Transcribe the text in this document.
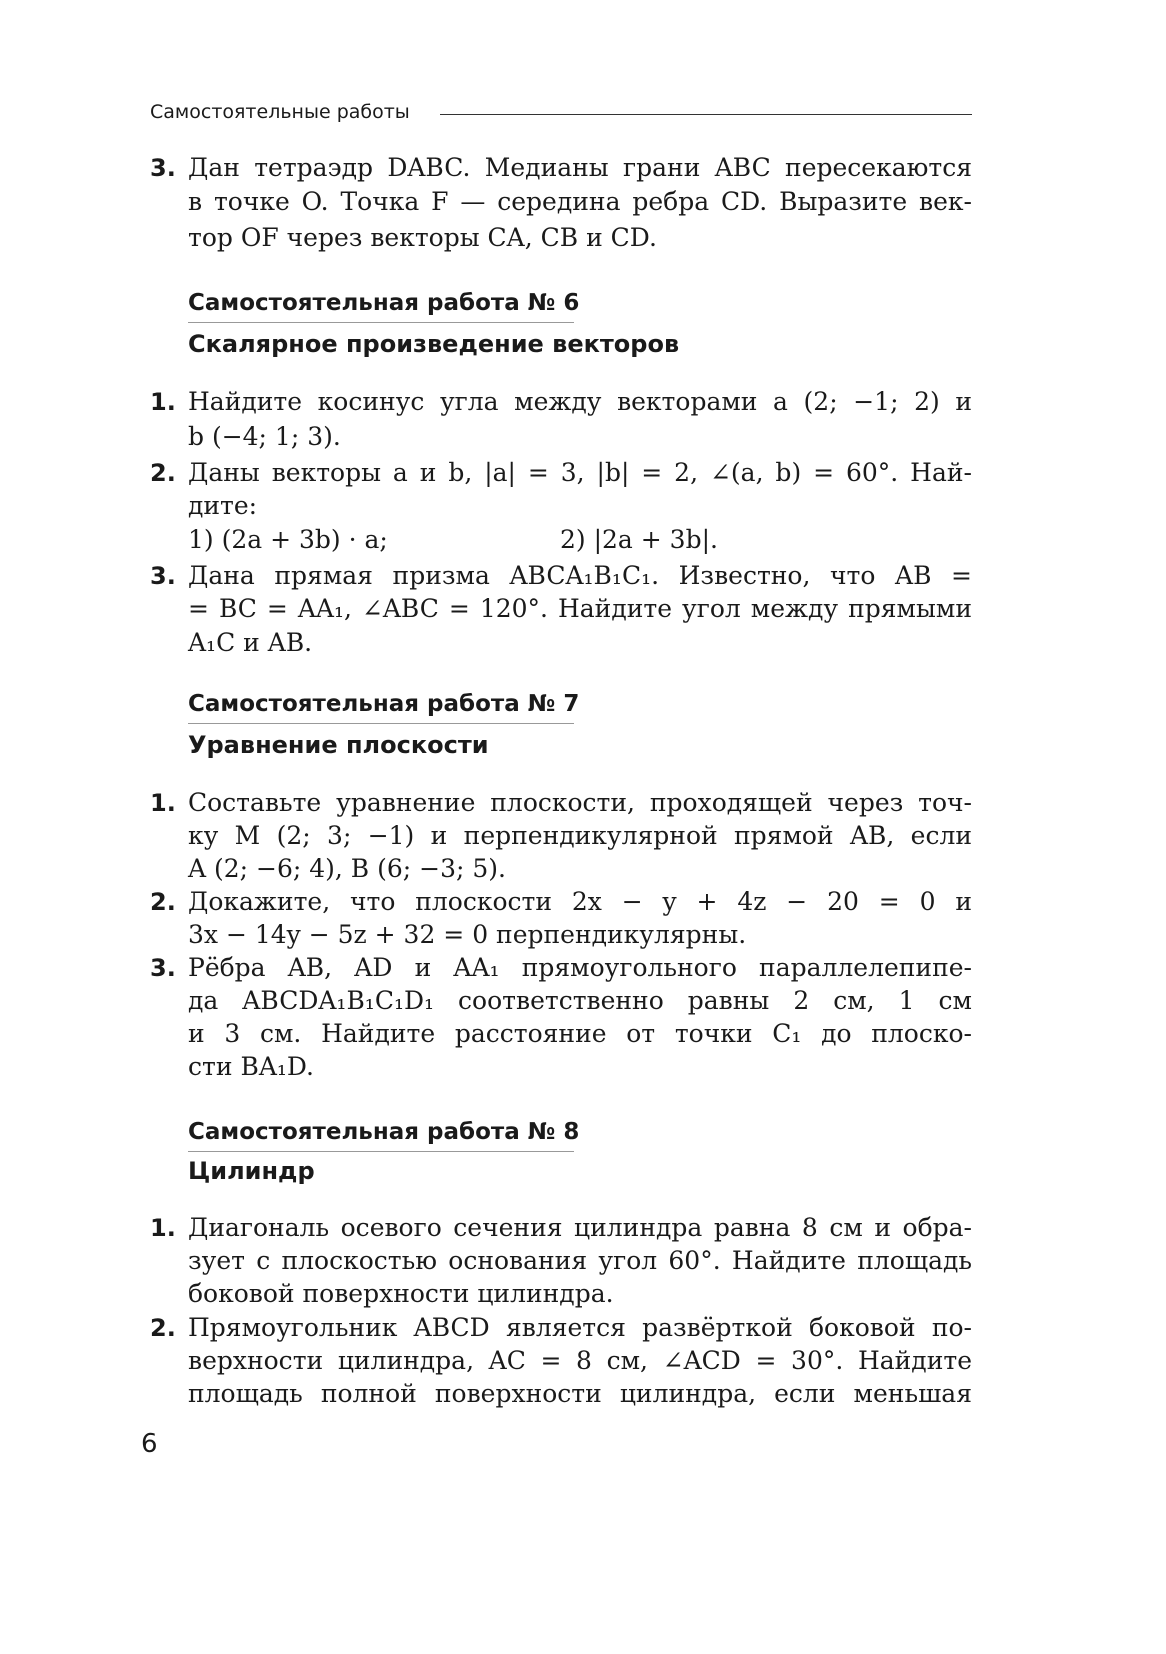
Самостоятельные работы
3. Дан тетраэдр DABC. Медианы грани ABC пересекаются
в точке O. Точка F — середина ребра CD. Выразите век-
тор OF через векторы CA, CB и CD.
Самостоятельная работа № 6
Скалярное произведение векторов
1. Найдите косинус угла между векторами a (2; −1; 2) и
b (−4; 1; 3).
2. Даны векторы a и b, |a| = 3, |b| = 2, ∠(a, b) = 60°. Най-
дите:
1) (2a + 3b) · a;	2) |2a + 3b|.
3. Дана прямая призма ABCA₁B₁C₁. Известно, что AB =
= BC = AA₁, ∠ABC = 120°. Найдите угол между прямыми
A₁C и AB.
Самостоятельная работа № 7
Уравнение плоскости
1. Составьте уравнение плоскости, проходящей через точ-
ку M (2; 3; −1) и перпендикулярной прямой AB, если
A (2; −6; 4), B (6; −3; 5).
2. Докажите, что плоскости 2x − y + 4z − 20 = 0 и
3x − 14y − 5z + 32 = 0 перпендикулярны.
3. Рёбра AB, AD и AA₁ прямоугольного параллелепипе-
да ABCDA₁B₁C₁D₁ соответственно равны 2 см, 1 см
и 3 см. Найдите расстояние от точки C₁ до плоско-
сти BA₁D.
Самостоятельная работа № 8
Цилиндр
1. Диагональ осевого сечения цилиндра равна 8 см и обра-
зует с плоскостью основания угол 60°. Найдите площадь
боковой поверхности цилиндра.
2. Прямоугольник ABCD является развёрткой боковой по-
верхности цилиндра, AC = 8 см, ∠ACD = 30°. Найдите
площадь полной поверхности цилиндра, если меньшая
6
